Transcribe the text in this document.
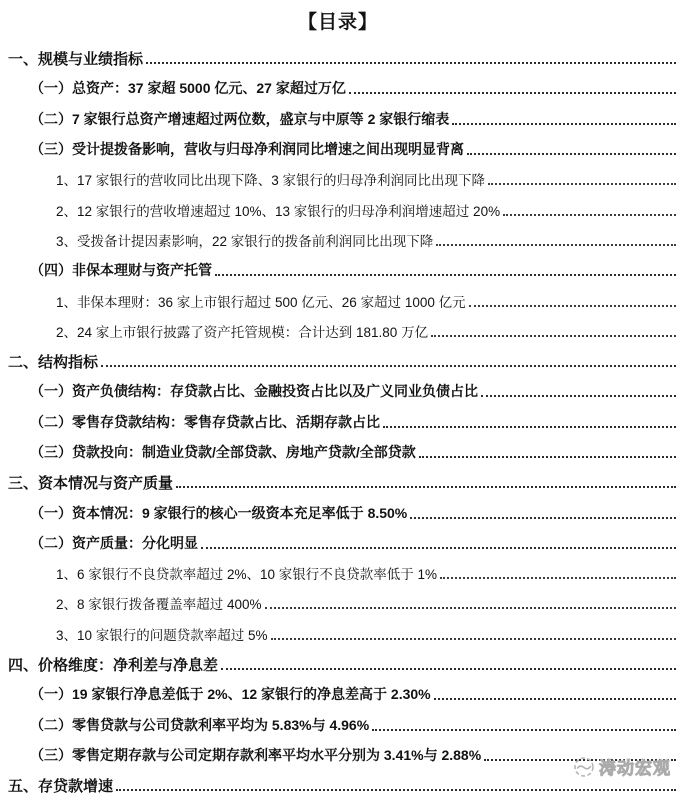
【目录】
一、规模与业绩指标
（一）总资产：37 家超 5000 亿元、27 家超过万亿
（二）7 家银行总资产增速超过两位数，盛京与中原等 2 家银行缩表
（三）受计提拨备影响，营收与归母净利润同比增速之间出现明显背离
1、17 家银行的营收同比出现下降、3 家银行的归母净利润同比出现下降
2、12 家银行的营收增速超过 10%、13 家银行的归母净利润增速超过 20%
3、受拨备计提因素影响，22 家银行的拨备前利润同比出现下降
（四）非保本理财与资产托管
1、非保本理财：36 家上市银行超过 500 亿元、26 家超过 1000 亿元
2、24 家上市银行披露了资产托管规模：合计达到 181.80 万亿
二、结构指标
（一）资产负债结构：存贷款占比、金融投资占比以及广义同业负债占比
（二）零售存贷款结构：零售存贷款占比、活期存款占比
（三）贷款投向：制造业贷款/全部贷款、房地产贷款/全部贷款
三、资本情况与资产质量
（一）资本情况：9 家银行的核心一级资本充足率低于 8.50%
（二）资产质量：分化明显
1、6 家银行不良贷款率超过 2%、10 家银行不良贷款率低于 1%
2、8 家银行拨备覆盖率超过 400%
3、10 家银行的问题贷款率超过 5%
四、价格维度：净利差与净息差
（一）19 家银行净息差低于 2%、12 家银行的净息差高于 2.30%
（二）零售贷款与公司贷款利率平均为 5.83%与 4.96%
（三）零售定期存款与公司定期存款利率平均水平分别为 3.41%与 2.88%
五、存贷款增速
涛动宏观
